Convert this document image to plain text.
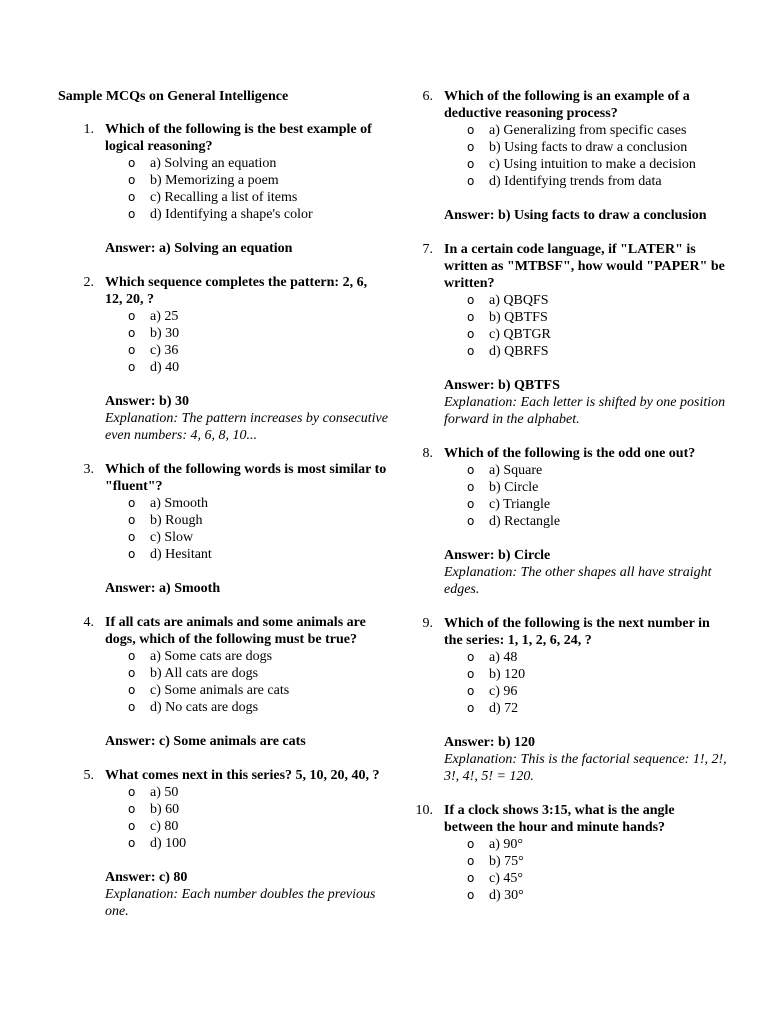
Sample MCQs on General Intelligence
1. Which of the following is the best example of logical reasoning?
o a) Solving an equation
o b) Memorizing a poem
o c) Recalling a list of items
o d) Identifying a shape's color
Answer: a) Solving an equation
2. Which sequence completes the pattern: 2, 6, 12, 20, ?
o a) 25
o b) 30
o c) 36
o d) 40
Answer: b) 30
Explanation: The pattern increases by consecutive even numbers: 4, 6, 8, 10...
3. Which of the following words is most similar to "fluent"?
o a) Smooth
o b) Rough
o c) Slow
o d) Hesitant
Answer: a) Smooth
4. If all cats are animals and some animals are dogs, which of the following must be true?
o a) Some cats are dogs
o b) All cats are dogs
o c) Some animals are cats
o d) No cats are dogs
Answer: c) Some animals are cats
5. What comes next in this series? 5, 10, 20, 40, ?
o a) 50
o b) 60
o c) 80
o d) 100
Answer: c) 80
Explanation: Each number doubles the previous one.
6. Which of the following is an example of a deductive reasoning process?
o a) Generalizing from specific cases
o b) Using facts to draw a conclusion
o c) Using intuition to make a decision
o d) Identifying trends from data
Answer: b) Using facts to draw a conclusion
7. In a certain code language, if "LATER" is written as "MTBSF", how would "PAPER" be written?
o a) QBQFS
o b) QBTFS
o c) QBTGR
o d) QBRFS
Answer: b) QBTFS
Explanation: Each letter is shifted by one position forward in the alphabet.
8. Which of the following is the odd one out?
o a) Square
o b) Circle
o c) Triangle
o d) Rectangle
Answer: b) Circle
Explanation: The other shapes all have straight edges.
9. Which of the following is the next number in the series: 1, 1, 2, 6, 24, ?
o a) 48
o b) 120
o c) 96
o d) 72
Answer: b) 120
Explanation: This is the factorial sequence: 1!, 2!, 3!, 4!, 5! = 120.
10. If a clock shows 3:15, what is the angle between the hour and minute hands?
o a) 90°
o b) 75°
o c) 45°
o d) 30°
